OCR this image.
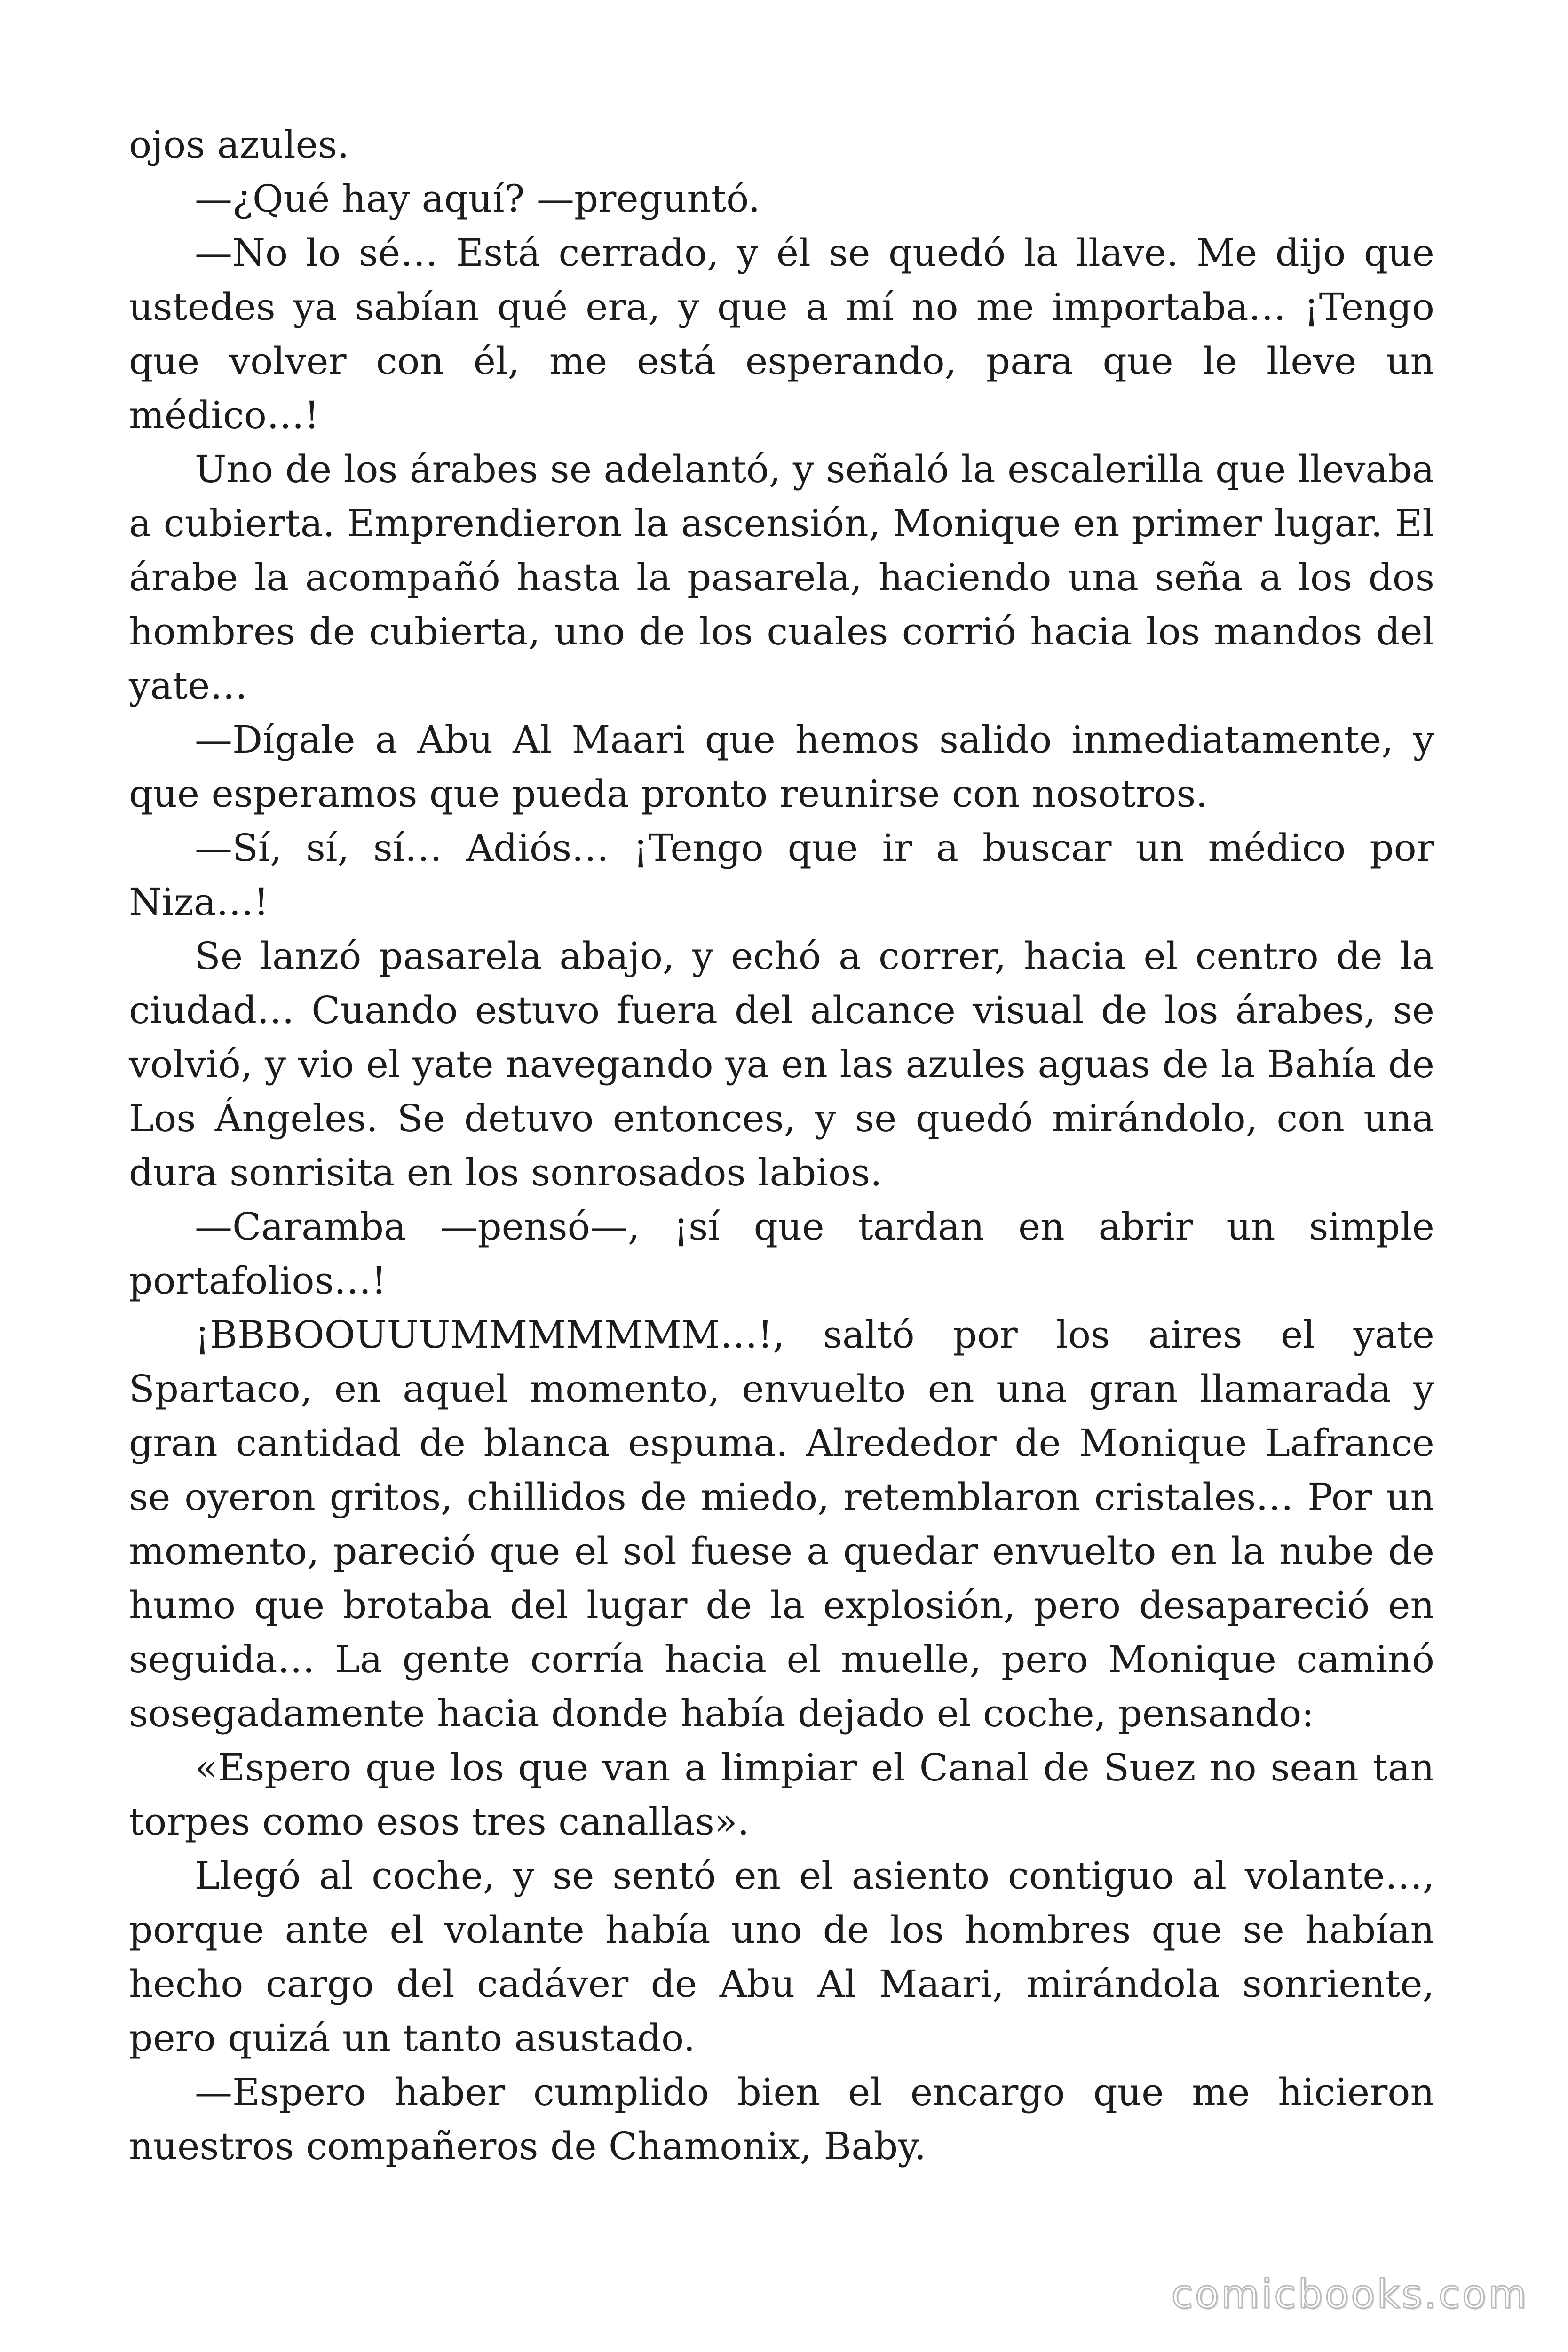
ojos azules.

—¿Qué hay aquí? —preguntó.

—No lo sé… Está cerrado, y él se quedó la llave. Me dijo que ustedes ya sabían qué era, y que a mí no me importaba… ¡Tengo que volver con él, me está esperando, para que le lleve un médico…!

Uno de los árabes se adelantó, y señaló la escalerilla que llevaba a cubierta. Emprendieron la ascensión, Monique en primer lugar. El árabe la acompañó hasta la pasarela, haciendo una seña a los dos hombres de cubierta, uno de los cuales corrió hacia los mandos del yate…

—Dígale a Abu Al Maari que hemos salido inmediatamente, y que esperamos que pueda pronto reunirse con nosotros.

—Sí, sí, sí… Adiós… ¡Tengo que ir a buscar un médico por Niza…!

Se lanzó pasarela abajo, y echó a correr, hacia el centro de la ciudad… Cuando estuvo fuera del alcance visual de los árabes, se volvió, y vio el yate navegando ya en las azules aguas de la Bahía de Los Ángeles. Se detuvo entonces, y se quedó mirándolo, con una dura sonrisita en los sonrosados labios.

—Caramba —pensó—, ¡sí que tardan en abrir un simple portafolios…!

¡BBBOOUUUMMMMMMM…!, saltó por los aires el yate Spartaco, en aquel momento, envuelto en una gran llamarada y gran cantidad de blanca espuma. Alrededor de Monique Lafrance se oyeron gritos, chillidos de miedo, retemblaron cristales… Por un momento, pareció que el sol fuese a quedar envuelto en la nube de humo que brotaba del lugar de la explosión, pero desapareció en seguida… La gente corría hacia el muelle, pero Monique caminó sosegadamente hacia donde había dejado el coche, pensando:

«Espero que los que van a limpiar el Canal de Suez no sean tan torpes como esos tres canallas».

Llegó al coche, y se sentó en el asiento contiguo al volante…, porque ante el volante había uno de los hombres que se habían hecho cargo del cadáver de Abu Al Maari, mirándola sonriente, pero quizá un tanto asustado.

—Espero haber cumplido bien el encargo que me hicieron nuestros compañeros de Chamonix, Baby.

comicbooks.com
